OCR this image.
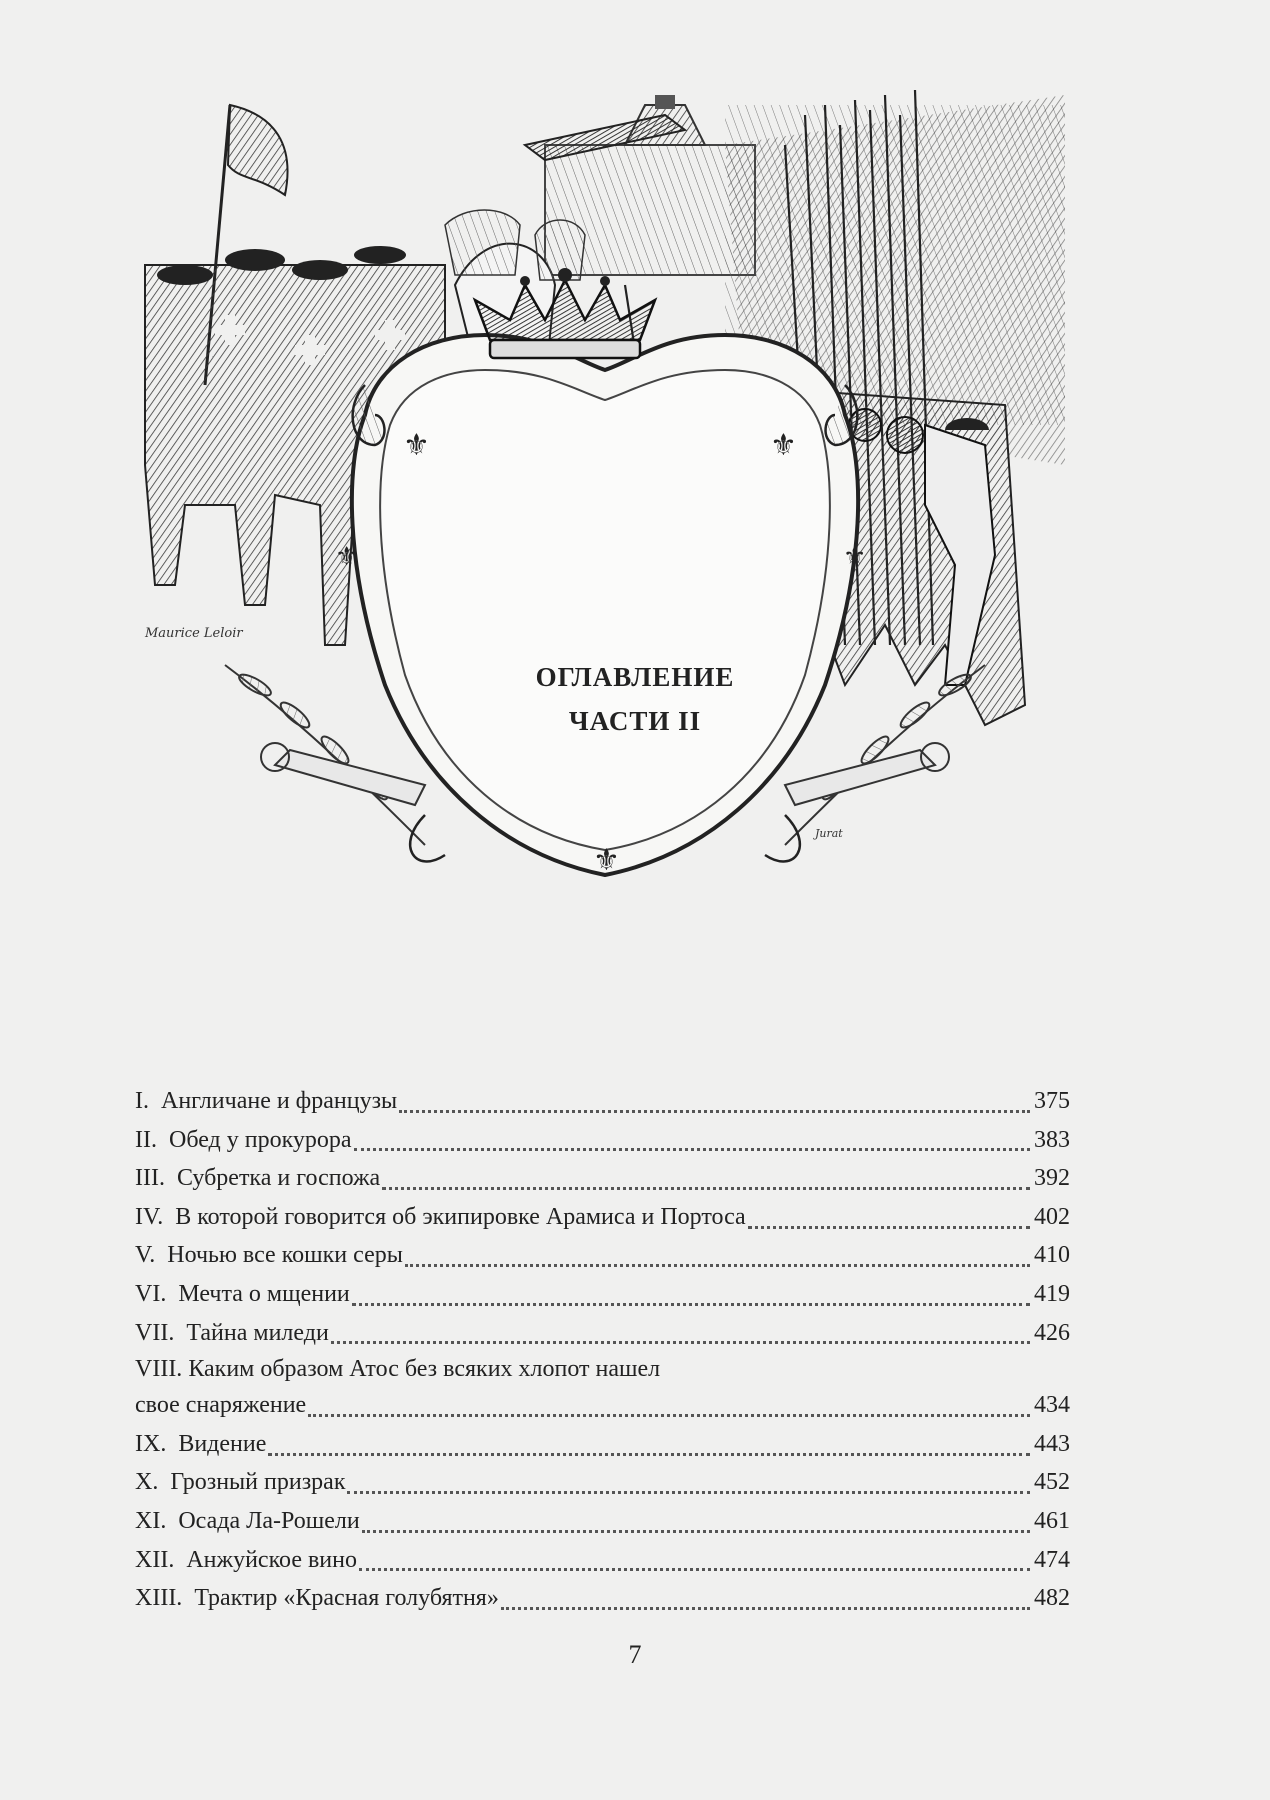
⚜	⚜
⚜	⚜
⚜
Maurice Leloir
Jurat
ОГЛАВЛЕНИЕ
ЧАСТИ II
I. Англичане и французы	375
II. Обед у прокурора	383
III. Субретка и госпожа	392
IV. В которой говорится об экипировке Арамиса и Портоса	402
V. Ночью все кошки серы	410
VI. Мечта о мщении	419
VII. Тайна миледи	426
VIII. Каким образом Атос без всяких хлопот нашел
свое снаряжение	434
IX. Видение	443
X. Грозный призрак	452
XI. Осада Ла-Рошели	461
XII. Анжуйское вино	474
XIII. Трактир «Красная голубятня»	482
7
